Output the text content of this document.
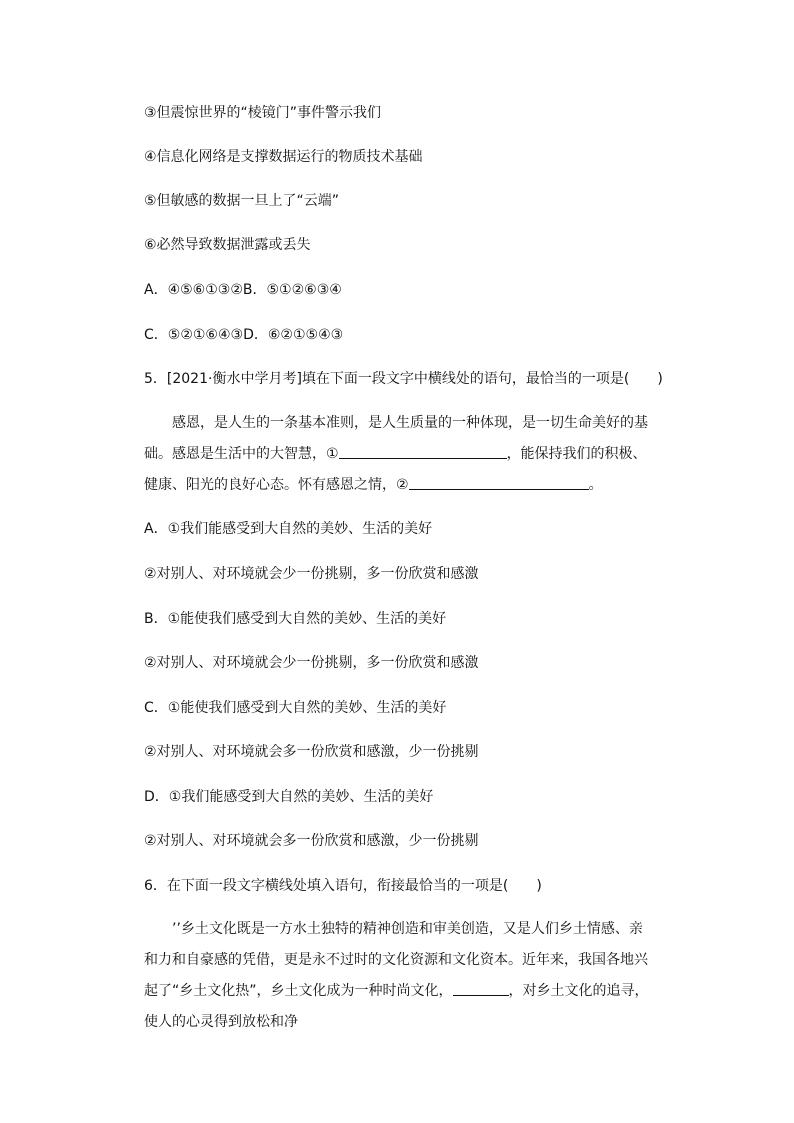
③但震惊世界的“棱镜门”事件警示我们
④信息化网络是支撑数据运行的物质技术基础
⑤但敏感的数据一旦上了“云端”
⑥必然导致数据泄露或丢失
A．④⑤⑥①③②B．⑤①②⑥③④
C．⑤②①⑥④③D．⑥②①⑤④③
5．[2021·衡水中学月考]填在下面一段文字中横线处的语句，最恰当的一项是(　　)

感恩，是人生的一条基本准则，是人生质量的一种体现，是一切生命美好的基础。感恩是生活中的大智慧，①	，能保持我们的积极、健康、阳光的良好心态。怀有感恩之情，②	。

A．①我们能感受到大自然的美妙、生活的美好
②对别人、对环境就会少一份挑剔，多一份欣赏和感激
B．①能使我们感受到大自然的美妙、生活的美好
②对别人、对环境就会少一份挑剔，多一份欣赏和感激
C．①能使我们感受到大自然的美妙、生活的美好
②对别人、对环境就会多一份欣赏和感激，少一份挑剔
D．①我们能感受到大自然的美妙、生活的美好
②对别人、对环境就会多一份欣赏和感激，少一份挑剔
6．在下面一段文字横线处填入语句，衔接最恰当的一项是(　　)

’’乡土文化既是一方水土独特的精神创造和审美创造，又是人们乡土情感、亲和力和自豪感的凭借，更是永不过时的文化资源和文化资本。近年来，我国各地兴起了“乡土文化热”，乡土文化成为一种时尚文化，	，对乡土文化的追寻，使人的心灵得到放松和净
